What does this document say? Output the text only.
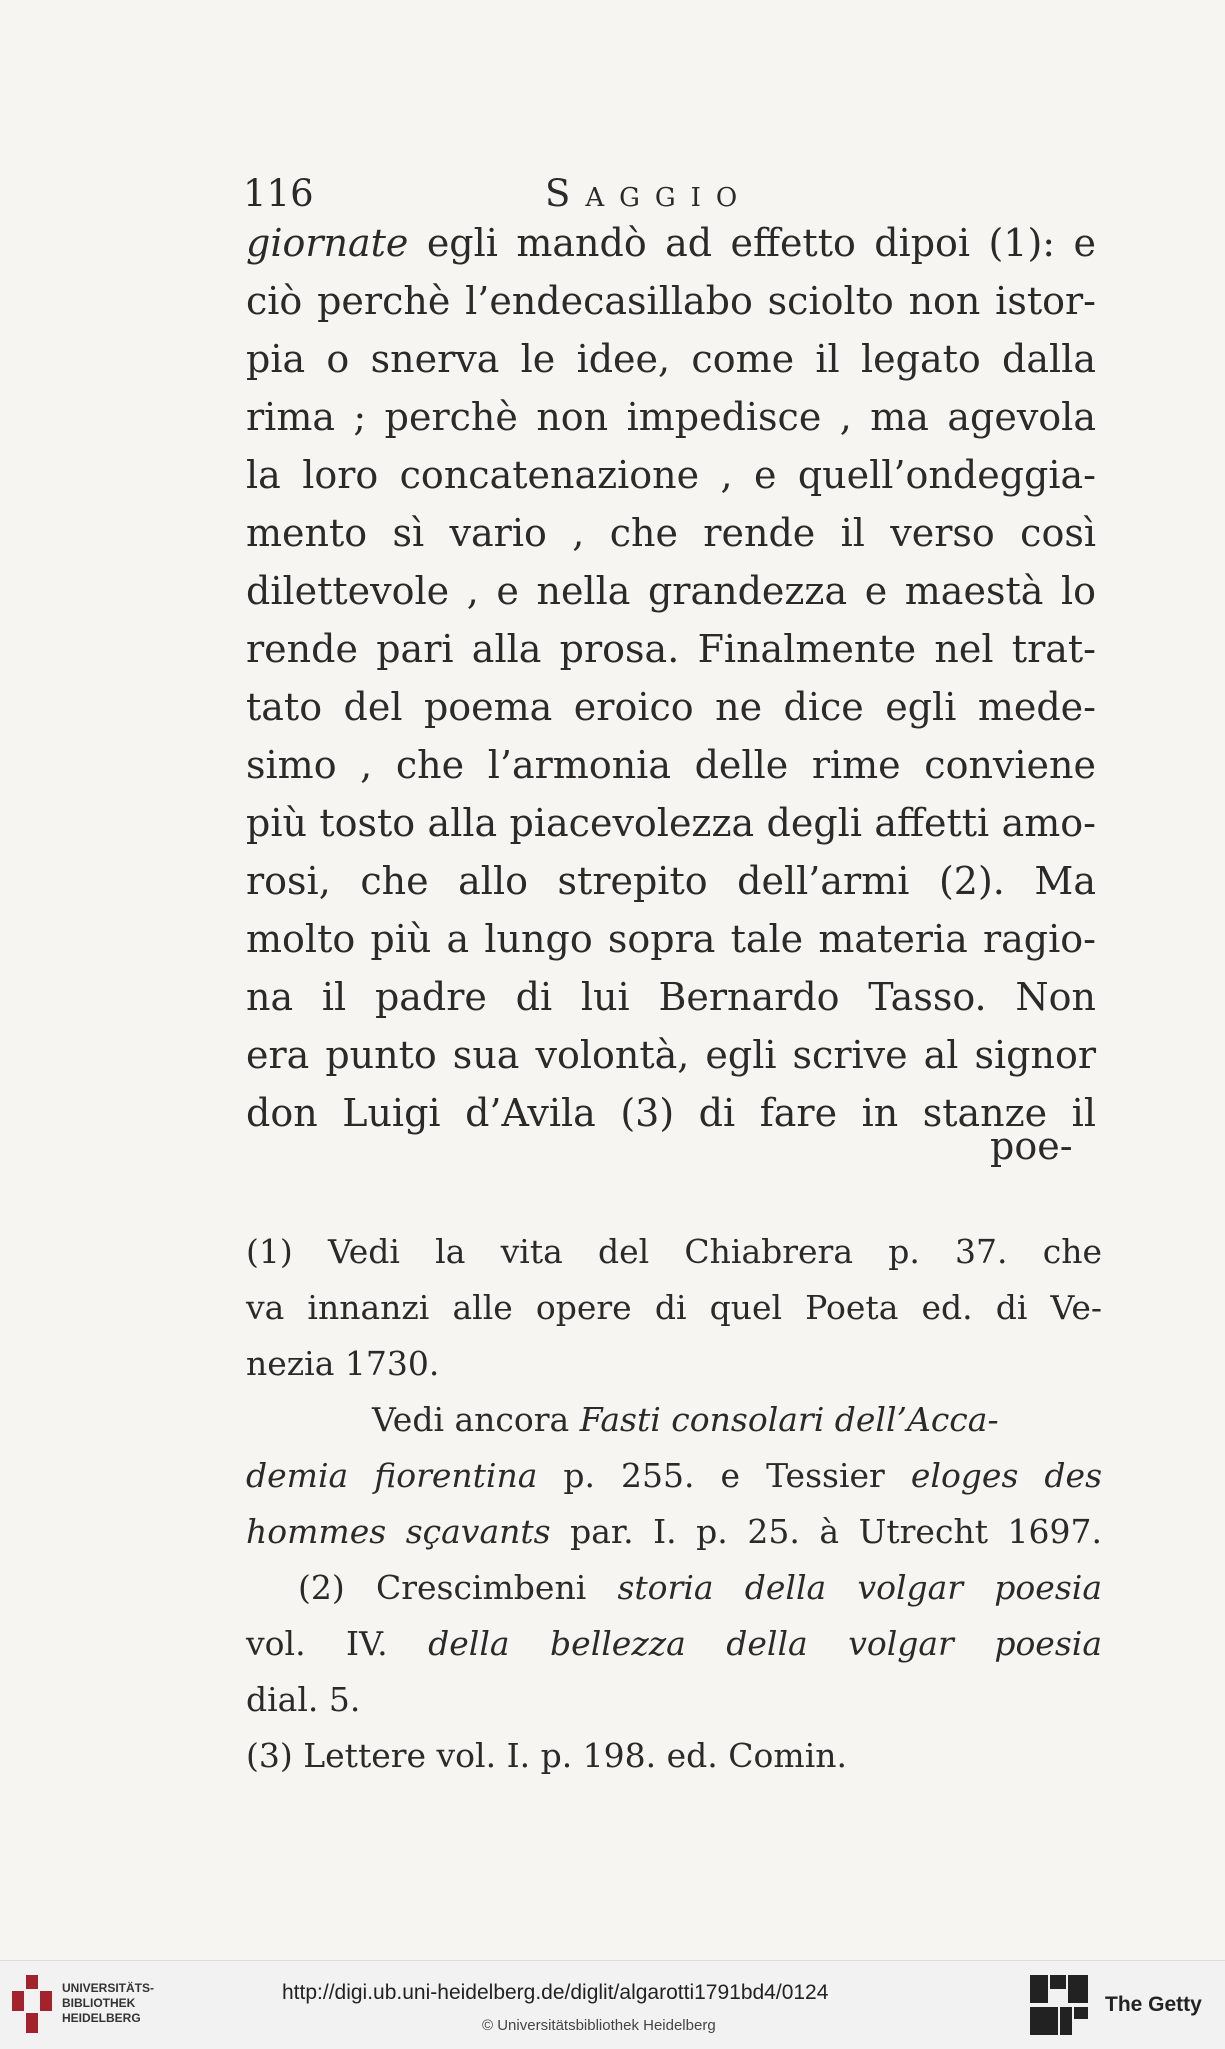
116	Saggio
giornate egli mandò ad effetto dipoi (1): e
ciò perchè l’endecasillabo sciolto non istor-
pia o snerva le idee, come il legato dalla
rima ; perchè non impedisce , ma agevola
la loro concatenazione , e quell’ondeggia-
mento sì vario , che rende il verso così
dilettevole , e nella grandezza e maestà lo
rende pari alla prosa. Finalmente nel trat-
tato del poema eroico ne dice egli mede-
simo , che l’armonia delle rime conviene
più tosto alla piacevolezza degli affetti amo-
rosi, che allo strepito dell’armi (2). Ma
molto più a lungo sopra tale materia ragio-
na il padre di lui Bernardo Tasso. Non
era punto sua volontà, egli scrive al signor
don Luigi d’Avila (3) di fare in stanze il
poe-
(1) Vedi la vita del Chiabrera p. 37. che
va innanzi alle opere di quel Poeta ed. di Ve-
nezia 1730.
Vedi ancora Fasti consolari dell’Acca-
demia fiorentina p. 255. e Tessier eloges des
hommes sçavants par. I. p. 25. à Utrecht 1697.
(2) Crescimbeni storia della volgar poesia
vol. IV. della bellezza della volgar poesia
dial. 5.
(3) Lettere vol. I. p. 198. ed. Comin.
UNIVERSITÄTS-
BIBLIOTHEK
HEIDELBERG
http://digi.ub.uni-heidelberg.de/diglit/algarotti1791bd4/0124
© Universitätsbibliothek Heidelberg
The Getty
